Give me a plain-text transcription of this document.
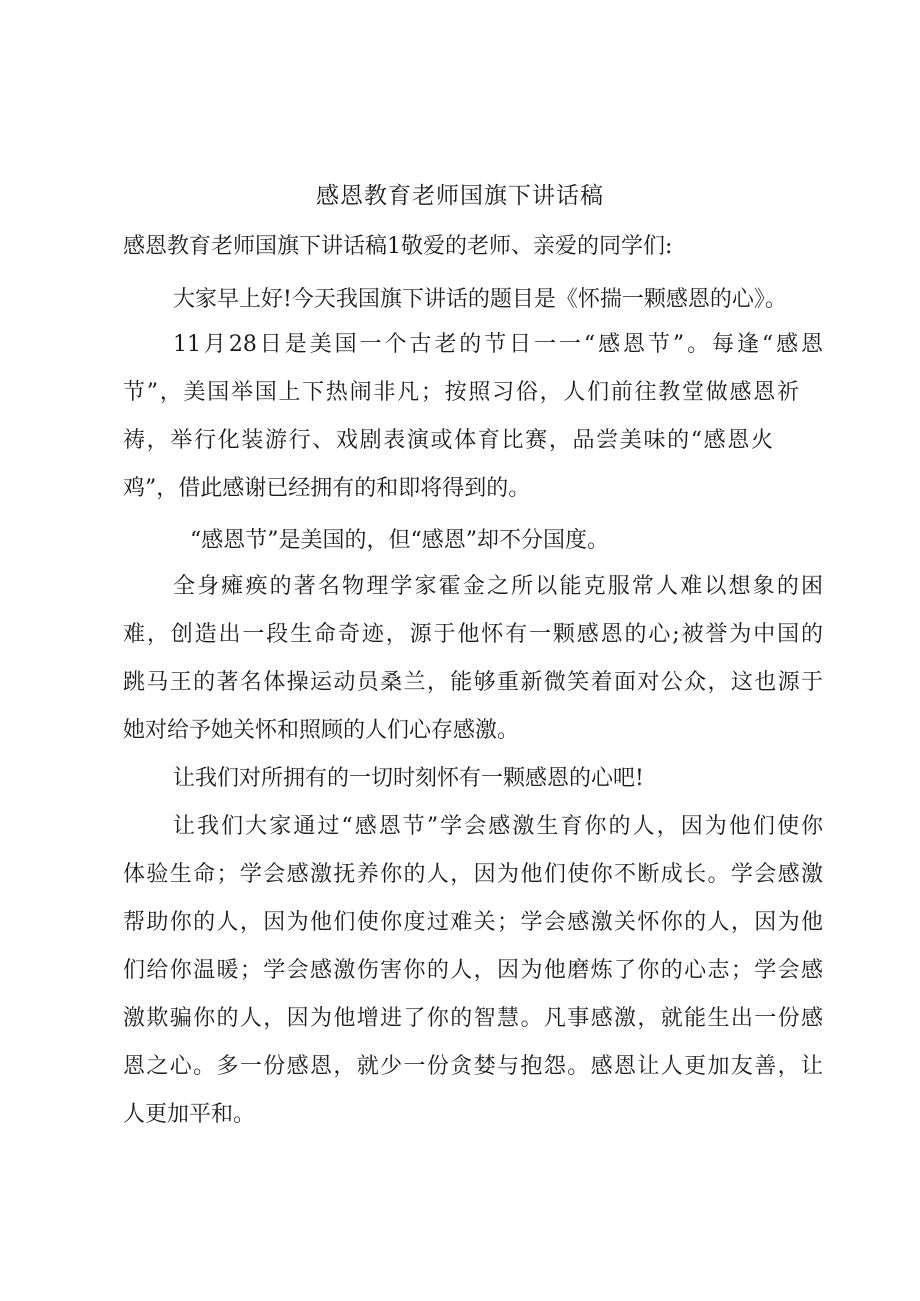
感恩教育老师国旗下讲话稿
感恩教育老师国旗下讲话稿1敬爱的老师、亲爱的同学们:
大家早上好!今天我国旗下讲话的题目是《怀揣一颗感恩的心》。
11月28日是美国一个古老的节日一一“感恩节”。每逢“感恩
节”，美国举国上下热闹非凡；按照习俗，人们前往教堂做感恩祈
祷，举行化装游行、戏剧表演或体育比赛，品尝美味的“感恩火
鸡”，借此感谢已经拥有的和即将得到的。
“感恩节”是美国的，但“感恩”却不分国度。
全身瘫痪的著名物理学家霍金之所以能克服常人难以想象的困
难，创造出一段生命奇迹，源于他怀有一颗感恩的心;被誉为中国的
跳马王的著名体操运动员桑兰，能够重新微笑着面对公众，这也源于
她对给予她关怀和照顾的人们心存感激。
让我们对所拥有的一切时刻怀有一颗感恩的心吧!
让我们大家通过“感恩节”学会感激生育你的人，因为他们使你
体验生命；学会感激抚养你的人，因为他们使你不断成长。学会感激
帮助你的人，因为他们使你度过难关；学会感激关怀你的人，因为他
们给你温暖；学会感激伤害你的人，因为他磨炼了你的心志；学会感
激欺骗你的人，因为他增进了你的智慧。凡事感激，就能生出一份感
恩之心。多一份感恩，就少一份贪婪与抱怨。感恩让人更加友善，让
人更加平和。
